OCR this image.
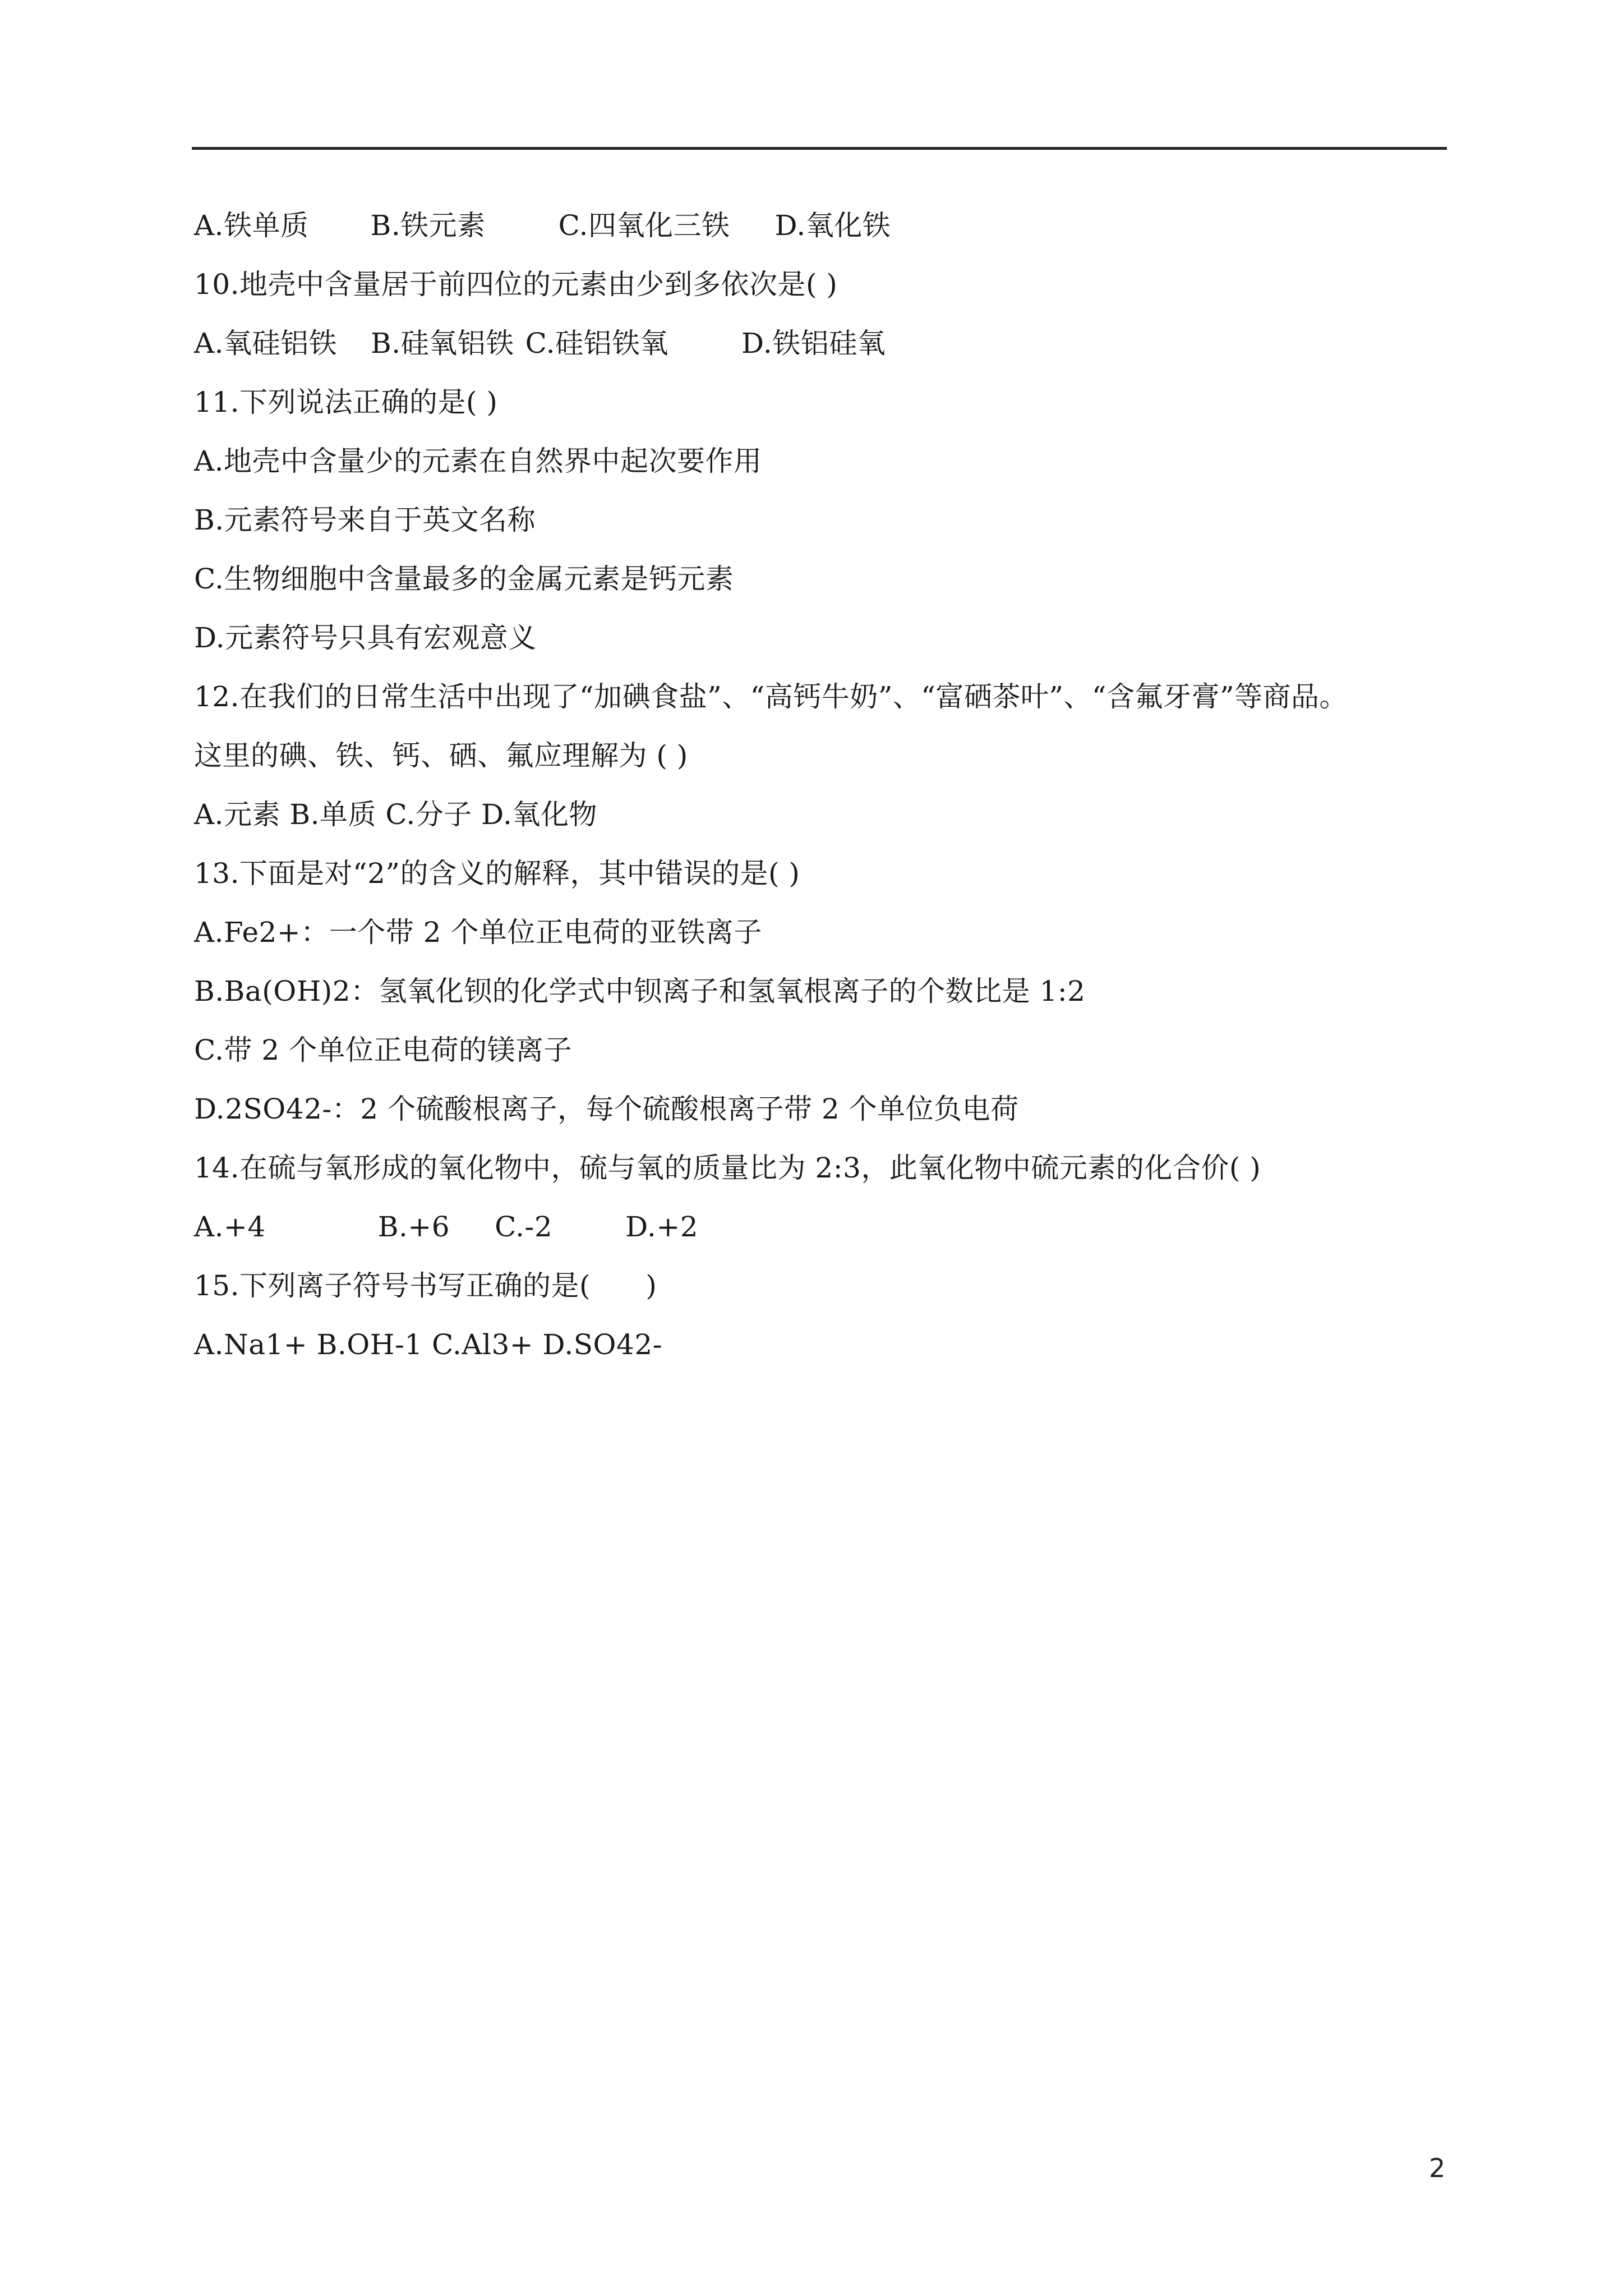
A.铁单质 B.铁元素	C.四氧化三铁 D.氧化铁
10.地壳中含量居于前四位的元素由少到多依次是( )
A.氧硅铝铁 B.硅氧铝铁 C.硅铝铁氧	D.铁铝硅氧
11.下列说法正确的是( )
A.地壳中含量少的元素在自然界中起次要作用
B.元素符号来自于英文名称
C.生物细胞中含量最多的金属元素是钙元素
D.元素符号只具有宏观意义
12.在我们的日常生活中出现了“加碘食盐”、“高钙牛奶”、“富硒茶叶”、“含氟牙膏”等商品。
这里的碘、铁、钙、硒、氟应理解为 ( )
A.元素 B.单质 C.分子 D.氧化物
13.下面是对“2”的含义的解释，其中错误的是( )
A.Fe2+：一个带 2 个单位正电荷的亚铁离子
B.Ba(OH)2：氢氧化钡的化学式中钡离子和氢氧根离子的个数比是 1:2
C.带 2 个单位正电荷的镁离子
D.2SO42-：2 个硫酸根离子，每个硫酸根离子带 2 个单位负电荷
14.在硫与氧形成的氧化物中，硫与氧的质量比为 2:3，此氧化物中硫元素的化合价( )
A.+4	B.+6 C.-2	D.+2
15.下列离子符号书写正确的是(      )
A.Na1+ B.OH-1 C.Al3+ D.SO42-
2
